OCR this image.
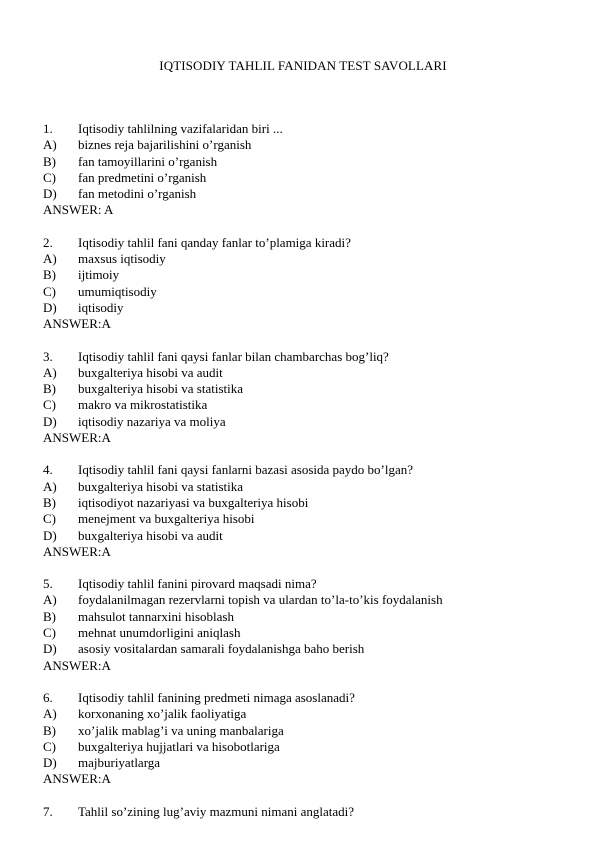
IQTISODIY TAHLIL FANIDAN TEST SAVOLLARI
1. Iqtisodiy tahlilning vazifalaridan biri ...
A) biznes reja bajarilishini o’rganish
B) fan tamoyillarini o’rganish
C) fan predmetini o’rganish
D) fan metodini o’rganish
ANSWER: A
2. Iqtisodiy tahlil fani qanday fanlar to’plamiga kiradi?
A) maxsus iqtisodiy
B) ijtimoiy
C) umumiqtisodiy
D) iqtisodiy
ANSWER:A
3. Iqtisodiy tahlil fani qaysi fanlar bilan chambarchas bog’liq?
A) buxgalteriya hisobi va audit
B) buxgalteriya hisobi va statistika
C) makro va mikrostatistika
D) iqtisodiy nazariya va moliya
ANSWER:A
4. Iqtisodiy tahlil fani qaysi fanlarni bazasi asosida paydo bo’lgan?
A) buxgalteriya hisobi va statistika
B) iqtisodiyot nazariyasi va buxgalteriya hisobi
C) menejment va buxgalteriya hisobi
D) buxgalteriya hisobi va audit
ANSWER:A
5. Iqtisodiy tahlil fanini pirovard maqsadi nima?
A) foydalanilmagan rezervlarni topish va ulardan to’la-to’kis foydalanish
B) mahsulot tannarxini hisoblash
C) mehnat unumdorligini aniqlash
D) asosiy vositalardan samarali foydalanishga baho berish
ANSWER:A
6. Iqtisodiy tahlil fanining predmeti nimaga asoslanadi?
A) korxonaning xo’jalik faoliyatiga
B) xo’jalik mablag’i va uning manbalariga
C) buxgalteriya hujjatlari va hisobotlariga
D) majburiyatlarga
ANSWER:A
7. Tahlil so’zining lug’aviy mazmuni nimani anglatadi?
